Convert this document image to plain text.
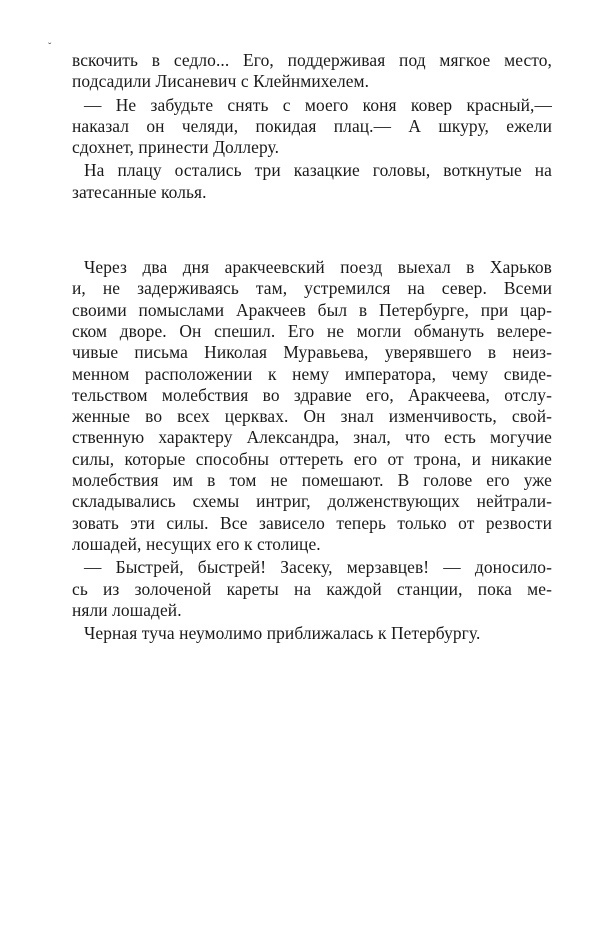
ˇ
вскочить в седло... Его, поддерживая под мягкое место,
подсадили Лисаневич с Клейнмихелем.
— Не забудьте снять с моего коня ковер красный,—
наказал он челяди, покидая плац.— А шкуру, ежели
сдохнет, принести Доллеру.
На плацу остались три казацкие головы, воткнутые на
затесанные колья.
Через два дня аракчеевский поезд выехал в Харьков
и, не задерживаясь там, устремился на север. Всеми
своими помыслами Аракчеев был в Петербурге, при цар-
ском дворе. Он спешил. Его не могли обмануть велере-
чивые письма Николая Муравьева, уверявшего в неиз-
менном расположении к нему императора, чему свиде-
тельством молебствия во здравие его, Аракчеева, отслу-
женные во всех церквах. Он знал изменчивость, свой-
ственную характеру Александра, знал, что есть могучие
силы, которые способны оттереть его от трона, и никакие
молебствия им в том не помешают. В голове его уже
складывались схемы интриг, долженствующих нейтрали-
зовать эти силы. Все зависело теперь только от резвости
лошадей, несущих его к столице.
— Быстрей, быстрей! Засеку, мерзавцев! — доносило-
сь из золоченой кареты на каждой станции, пока ме-
няли лошадей.
Черная туча неумолимо приближалась к Петербургу.
